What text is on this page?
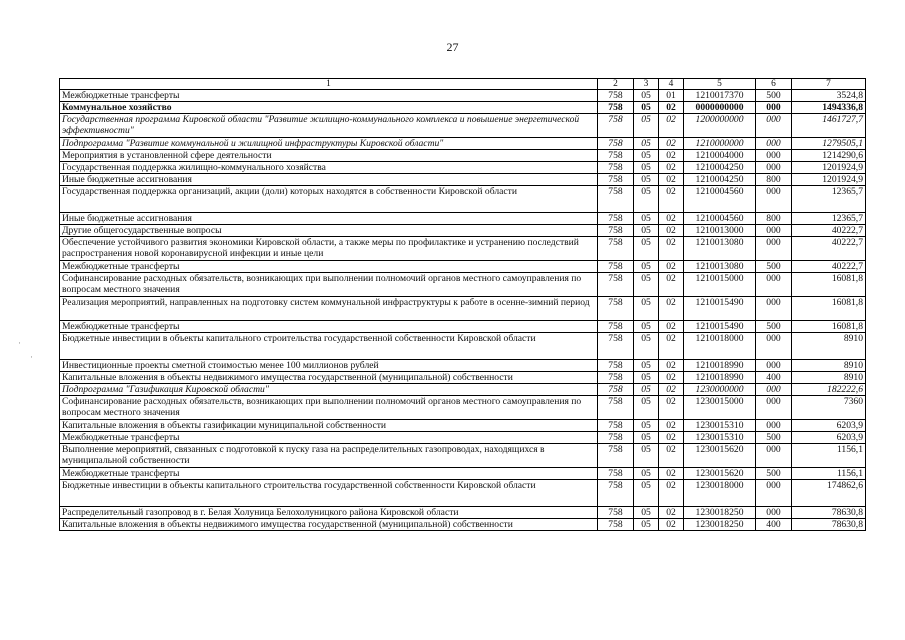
27
1	2	3	4	5	6	7
Межбюджетные трансферты	758	05	01	1210017370	500	3524,8
Коммунальное хозяйство	758	05	02	0000000000	000	1494336,8
Государственная программа Кировской области "Развитие жилищно-коммунального комплекса и повышение энергетической эффективности"	758	05	02	1200000000	000	1461727,7
Подпрограмма "Развитие коммунальной и жилищной инфраструктуры Кировской области"	758	05	02	1210000000	000	1279505,1
Мероприятия в установленной сфере деятельности	758	05	02	1210004000	000	1214290,6
Государственная поддержка жилищно-коммунального хозяйства	758	05	02	1210004250	000	1201924,9
Иные бюджетные ассигнования	758	05	02	1210004250	800	1201924,9
Государственная поддержка организаций, акции (доли) которых находятся в собственности Кировской области	758	05	02	1210004560	000	12365,7
Иные бюджетные ассигнования	758	05	02	1210004560	800	12365,7
Другие общегосударственные вопросы	758	05	02	1210013000	000	40222,7
Обеспечение устойчивого развития экономики Кировской области, а также меры по профилактике и устранению последствий распространения новой коронавирусной инфекции и иные цели	758	05	02	1210013080	000	40222,7
Межбюджетные трансферты	758	05	02	1210013080	500	40222,7
Софинансирование расходных обязательств, возникающих при выполнении полномочий органов местного самоуправления по вопросам местного значения	758	05	02	1210015000	000	16081,8
Реализация мероприятий, направленных на подготовку систем коммунальной инфраструктуры к работе в осенне-зимний период	758	05	02	1210015490	000	16081,8
Межбюджетные трансферты	758	05	02	1210015490	500	16081,8
Бюджетные инвестиции в объекты капитального строительства государственной собственности Кировской области	758	05	02	1210018000	000	8910
Инвестиционные проекты сметной стоимостью менее 100 миллионов рублей	758	05	02	1210018990	000	8910
Капитальные вложения в объекты недвижимого имущества государственной (муниципальной) собственности	758	05	02	1210018990	400	8910
Подпрограмма "Газификация Кировской области"	758	05	02	1230000000	000	182222,6
Софинансирование расходных обязательств, возникающих при выполнении полномочий органов местного самоуправления по вопросам местного значения	758	05	02	1230015000	000	7360
Капитальные вложения в объекты газификации муниципальной собственности	758	05	02	1230015310	000	6203,9
Межбюджетные трансферты	758	05	02	1230015310	500	6203,9
Выполнение мероприятий, связанных с подготовкой к пуску газа на распределительных газопроводах, находящихся в муниципальной собственности	758	05	02	1230015620	000	1156,1
Межбюджетные трансферты	758	05	02	1230015620	500	1156,1
Бюджетные инвестиции в объекты капитального строительства государственной собственности Кировской области	758	05	02	1230018000	000	174862,6
Распределительный газопровод в г. Белая Холуница Белохолуницкого района Кировской области	758	05	02	1230018250	000	78630,8
Капитальные вложения в объекты недвижимого имущества государственной (муниципальной) собственности	758	05	02	1230018250	400	78630,8
·
·
